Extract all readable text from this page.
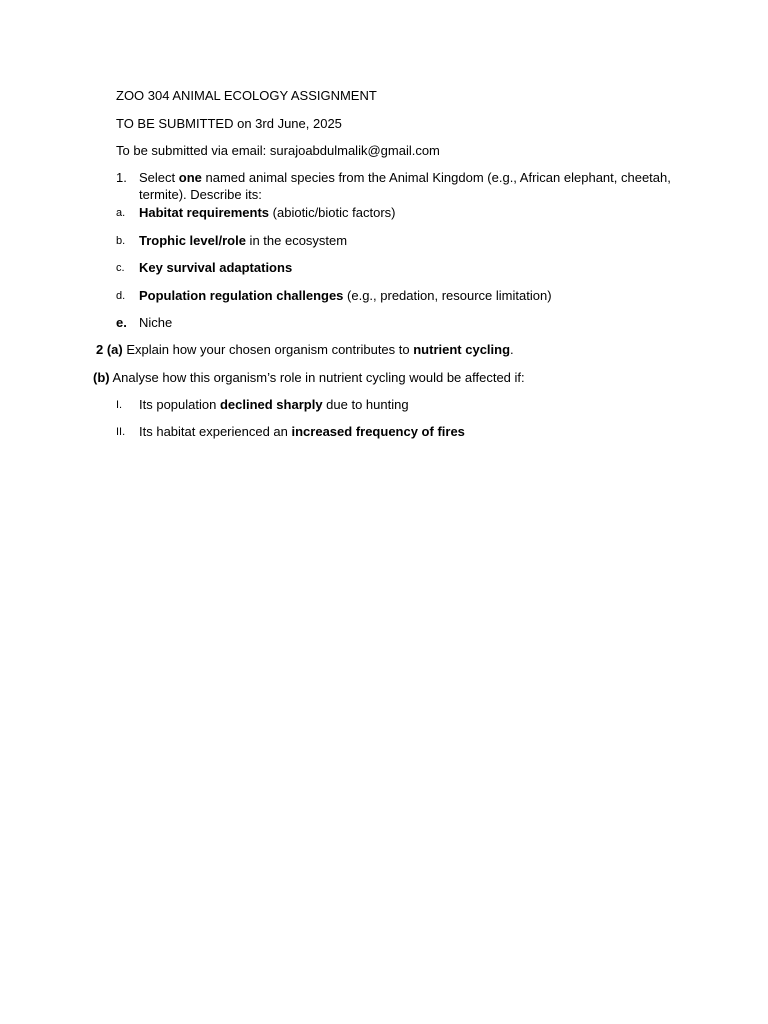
ZOO 304 ANIMAL ECOLOGY ASSIGNMENT
TO BE SUBMITTED on 3rd June, 2025
To be submitted via email: surajoabdulmalik@gmail.com
1. Select one named animal species from the Animal Kingdom (e.g., African elephant, cheetah,
termite). Describe its:
a. Habitat requirements (abiotic/biotic factors)
b. Trophic level/role in the ecosystem
c. Key survival adaptations
d. Population regulation challenges (e.g., predation, resource limitation)
e. Niche
2 (a) Explain how your chosen organism contributes to nutrient cycling.
(b) Analyse how this organism’s role in nutrient cycling would be affected if:
I. Its population declined sharply due to hunting
II. Its habitat experienced an increased frequency of fires
